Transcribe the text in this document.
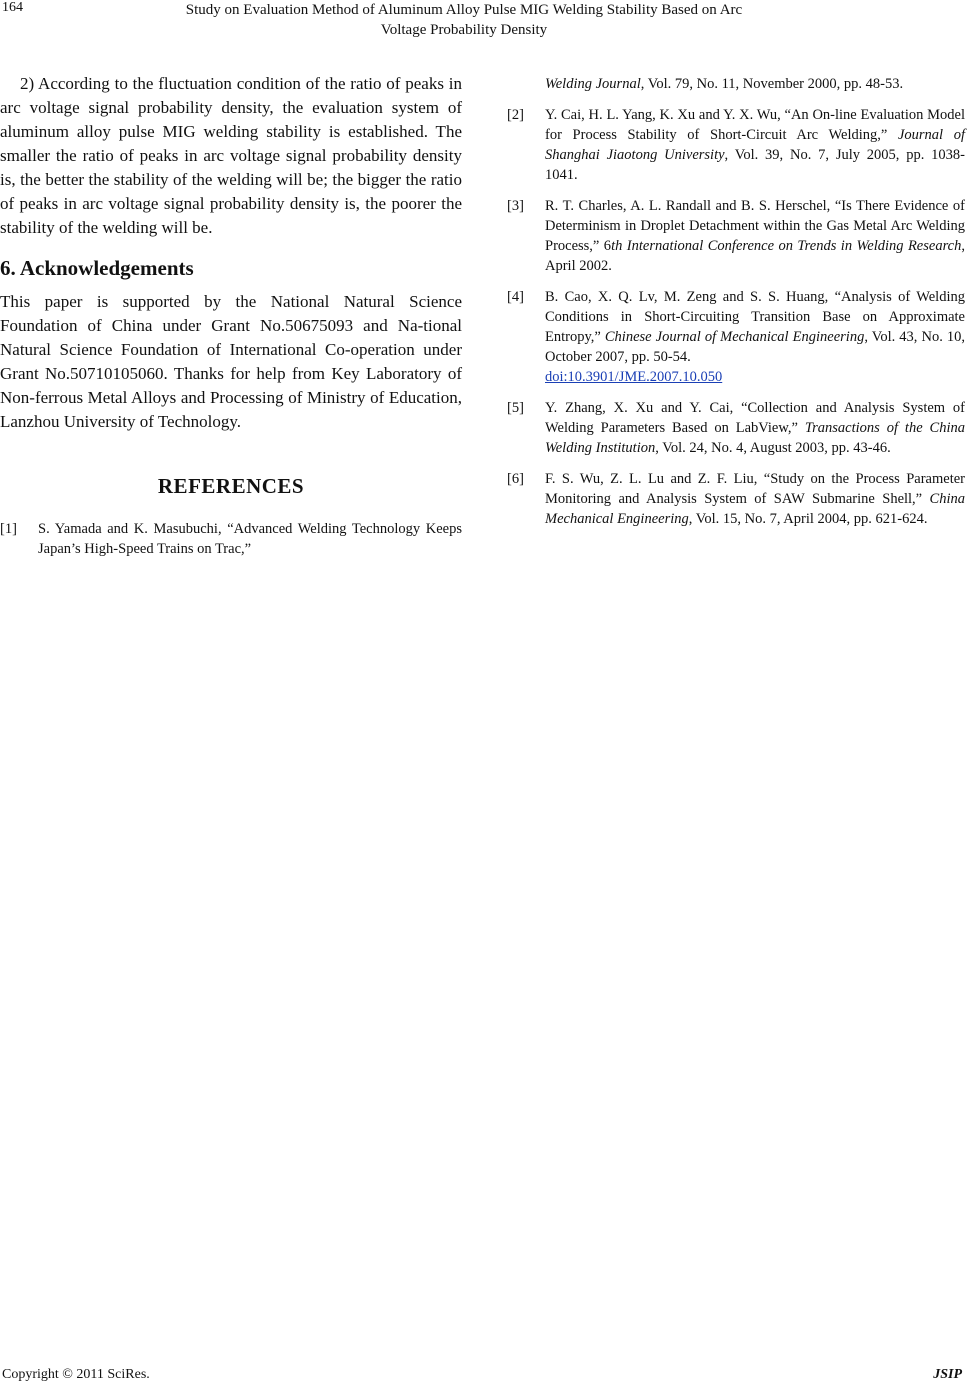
164	Study on Evaluation Method of Aluminum Alloy Pulse MIG Welding Stability Based on Arc
Voltage Probability Density

2) According to the fluctuation condition of the ratio of peaks in arc voltage signal probability density, the evaluation system of aluminum alloy pulse MIG welding stability is established. The smaller the ratio of peaks in arc voltage signal probability density is, the better the stability of the welding will be; the bigger the ratio of peaks in arc voltage signal probability density is, the poorer the stability of the welding will be.

6. Acknowledgements

This paper is supported by the National Natural Science Foundation of China under Grant No.50675093 and Na-tional Natural Science Foundation of International Co-operation under Grant No.50710105060. Thanks for help from Key Laboratory of Non-ferrous Metal Alloys and Processing of Ministry of Education, Lanzhou University of Technology.

REFERENCES
[1]	S. Yamada and K. Masubuchi, “Advanced Welding Technology Keeps Japan’s High-Speed Trains on Trac,”
Welding Journal, Vol. 79, No. 11, November 2000, pp. 48-53.
[2]	Y. Cai, H. L. Yang, K. Xu and Y. X. Wu, “An On-line Evaluation Model for Process Stability of Short-Circuit Arc Welding,” Journal of Shanghai Jiaotong University, Vol. 39, No. 7, July 2005, pp. 1038-1041.
[3]	R. T. Charles, A. L. Randall and B. S. Herschel, “Is There Evidence of Determinism in Droplet Detachment within the Gas Metal Arc Welding Process,” 6th International Conference on Trends in Welding Research, April 2002.
[4]	B. Cao, X. Q. Lv, M. Zeng and S. S. Huang, “Analysis of Welding Conditions in Short-Circuiting Transition Base on Approximate Entropy,” Chinese Journal of Mechanical Engineering, Vol. 43, No. 10, October 2007, pp. 50-54.
doi:10.3901/JME.2007.10.050
[5]	Y. Zhang, X. Xu and Y. Cai, “Collection and Analysis System of Welding Parameters Based on LabView,” Transactions of the China Welding Institution, Vol. 24, No. 4, August 2003, pp. 43-46.
[6]	F. S. Wu, Z. L. Lu and Z. F. Liu, “Study on the Process Parameter Monitoring and Analysis System of SAW Submarine Shell,” China Mechanical Engineering, Vol. 15, No. 7, April 2004, pp. 621-624.
Copyright © 2011 SciRes.	JSIP
